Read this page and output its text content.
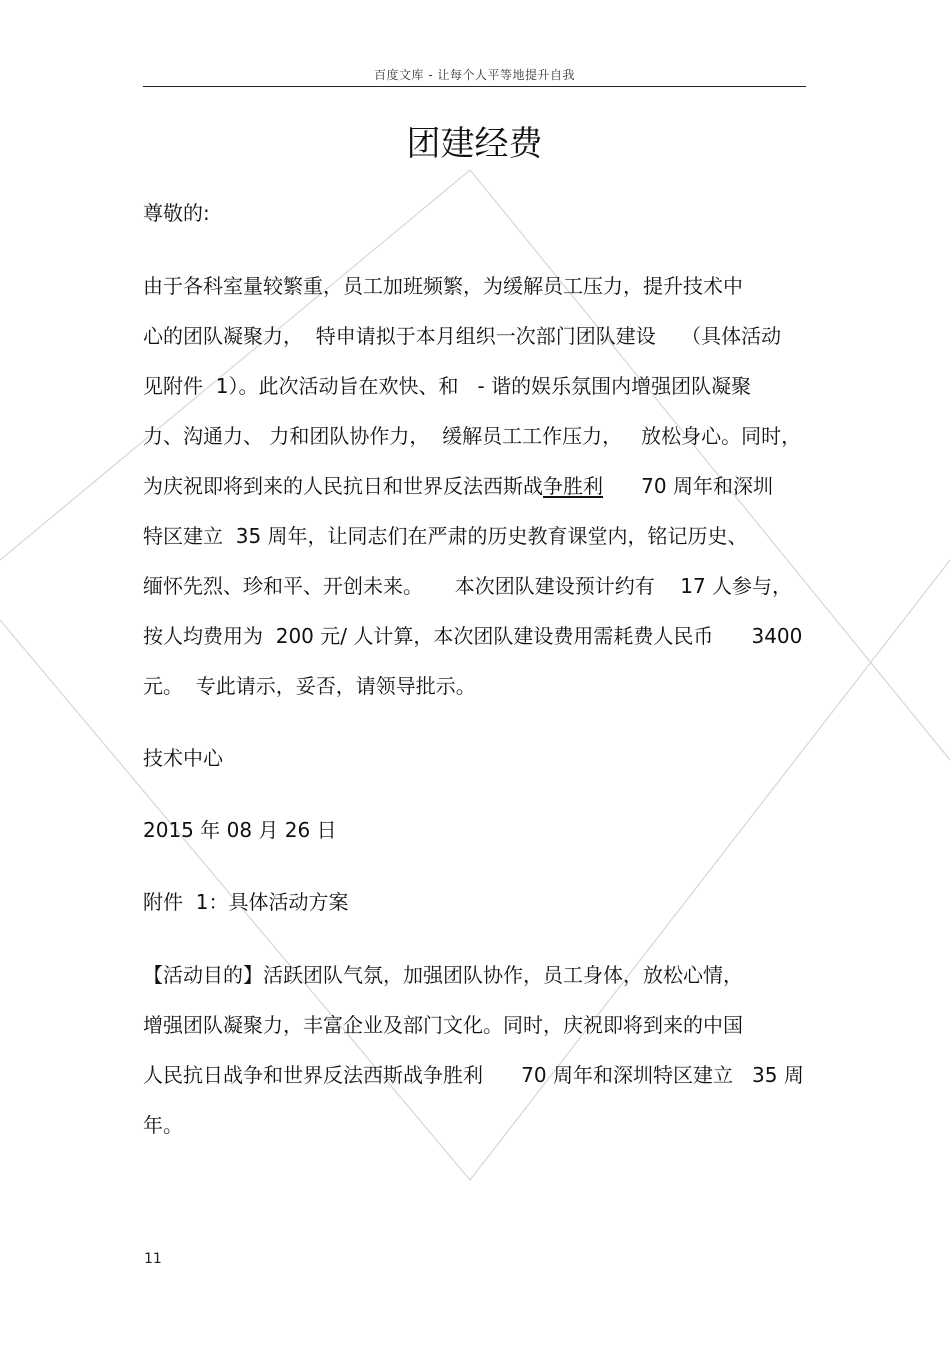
百度文库 - 让每个人平等地提升自我
团建经费
尊敬的:
由于各科室量较繁重，员工加班频繁，为缓解员工压力，提升技术中
心的团队凝聚力，  特申请拟于本月组织一次部门团队建设    （具体活动
见附件  1）。此次活动旨在欢快、和   - 谐的娱乐氛围内增强团队凝聚
力、沟通力、 力和团队协作力，  缓解员工工作压力，   放松身心。同时，
为庆祝即将到来的人民抗日和世界反法西斯战争胜利      70 周年和深圳
特区建立  35 周年，让同志们在严肃的历史教育课堂内，铭记历史、
缅怀先烈、珍和平、开创未来。     本次团队建设预计约有    17 人参与，
按人均费用为  200 元/ 人计算，本次团队建设费用需耗费人民币      3400
元。  专此请示，妥否，请领导批示。
技术中心
2015 年 08 月 26 日
附件  1：具体活动方案
【活动目的】活跃团队气氛，加强团队协作，员工身体，放松心情，
增强团队凝聚力，丰富企业及部门文化。同时，庆祝即将到来的中国
人民抗日战争和世界反法西斯战争胜利      70 周年和深圳特区建立   35 周
年。
11
